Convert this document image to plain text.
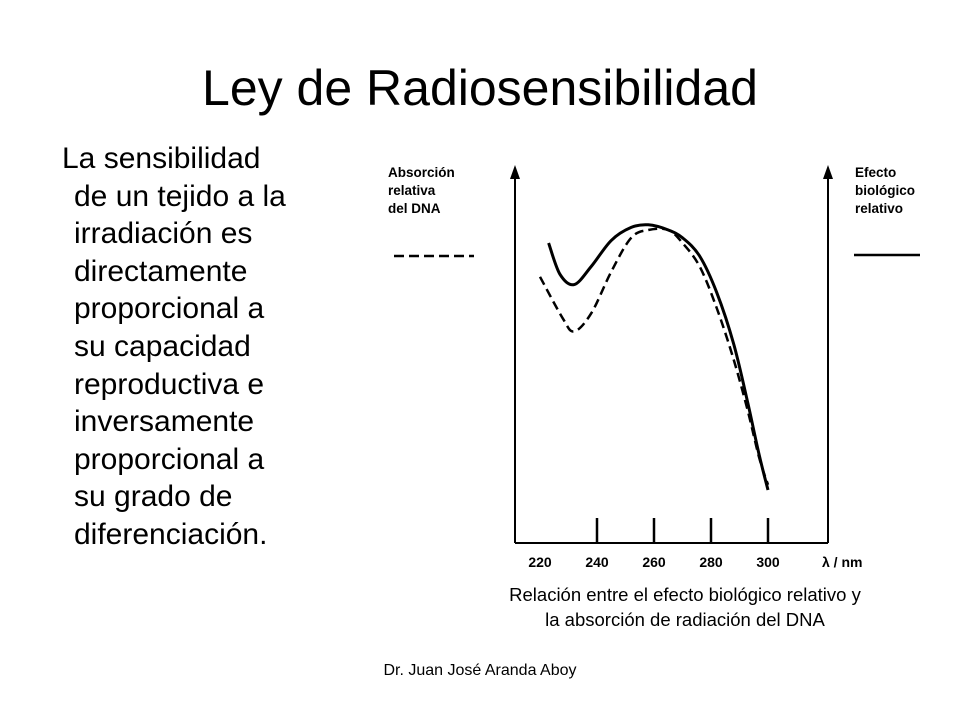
Ley de Radiosensibilidad
La sensibilidad
de un tejido a la
irradiación es
directamente
proporcional a
su capacidad
reproductiva e
inversamente
proporcional a
su grado de
diferenciación.
Absorción
relativa
del DNA
Efecto
biológico
relativo
220 240 260 280 300	λ / nm
Relación entre el efecto biológico relativo y
la absorción de radiación del DNA
Dr. Juan José Aranda Aboy
